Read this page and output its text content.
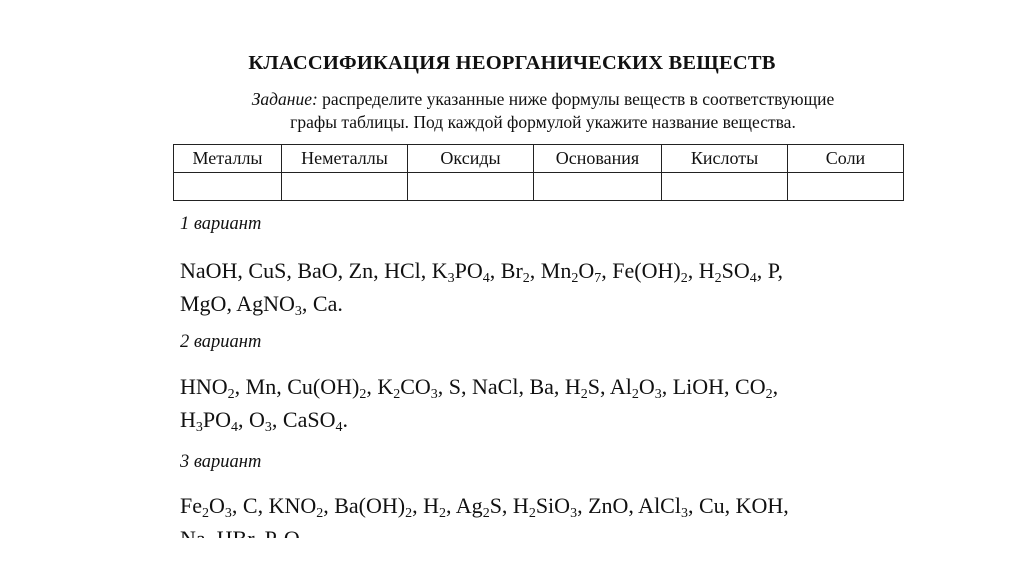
КЛАССИФИКАЦИЯ НЕОРГАНИЧЕСКИХ ВЕЩЕСТВ
Задание: распределите указанные ниже формулы веществ в соответствующие
графы таблицы. Под каждой формулой укажите название вещества.
Металлы	Неметаллы	Оксиды	Основания	Кислоты	Соли

1 вариант
NaOH, CuS, BaO, Zn, HCl, $K_3PO_4$, $Br_2$, $Mn_2O_7$, $Fe(OH)_2$, $H_2SO_4$, P,
MgO, AgNO$_3$, Ca.
2 вариант
$HNO_2$, Mn, $Cu(OH)_2$, $K_2CO_3$, S, NaCl, Ba, $H_2S$, $Al_2O_3$, LiOH, $CO_2$,
$H_3PO_4$, $O_3$, CaSO$_4$.
3 вариант
$Fe_2O_3$, C, $KNO_2$, $Ba(OH)_2$, $H_2$, $Ag_2S$, $H_2SiO_3$, ZnO, AlCl$_3$, Cu, KOH,
